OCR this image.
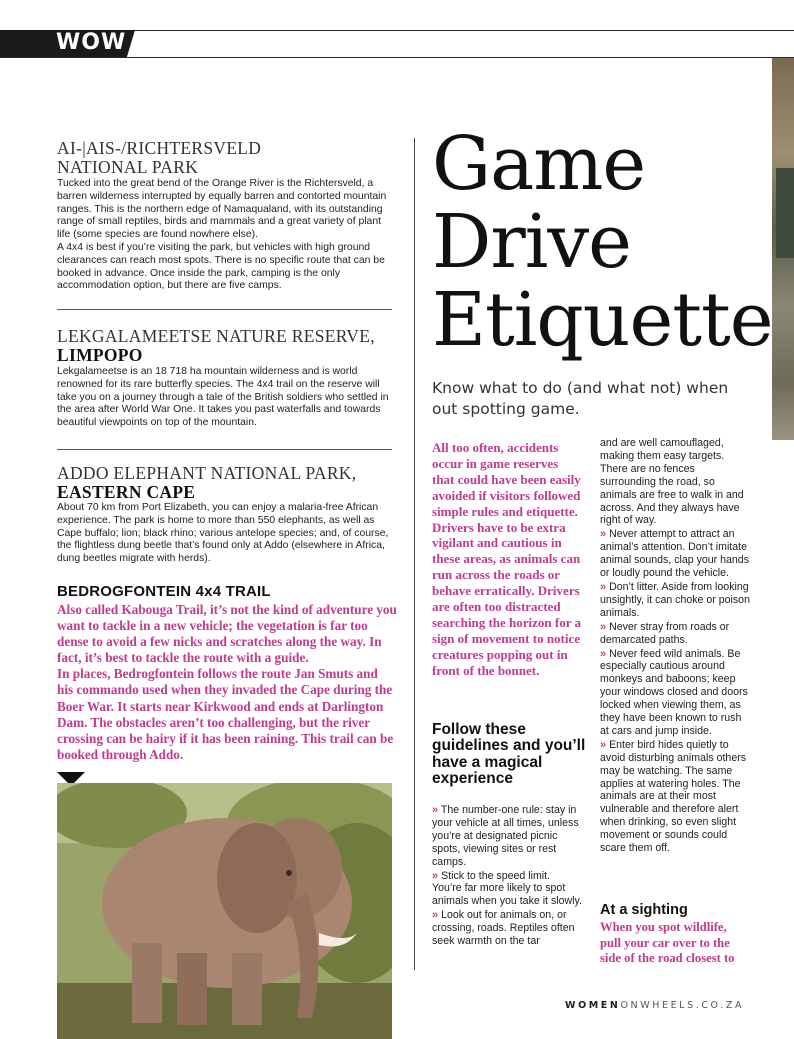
WOW
AI-|AIS-/RICHTERSVELD
NATIONAL PARK

Tucked into the great bend of the Orange River is the Richtersveld, a barren wilderness interrupted by equally barren and contorted mountain ranges. This is the northern edge of Namaqualand, with its outstanding range of small reptiles, birds and mammals and a great variety of plant life (some species are found nowhere else).
A 4x4 is best if you’re visiting the park, but vehicles with high ground clearances can reach most spots. There is no specific route that can be booked in advance. Once inside the park, camping is the only accommodation option, but there are five camps.

LEKGALAMEETSE NATURE RESERVE,
LIMPOPO

Lekgalameetse is an 18 718 ha mountain wilderness and is world renowned for its rare butterfly species. The 4x4 trail on the reserve will take you on a journey through a tale of the British soldiers who settled in the area after World War One. It takes you past waterfalls and towards beautiful viewpoints on top of the mountain.

ADDO ELEPHANT NATIONAL PARK,
EASTERN CAPE

About 70 km from Port Elizabeth, you can enjoy a malaria-free African experience. The park is home to more than 550 elephants, as well as Cape buffalo; lion; black rhino; various antelope species; and, of course, the flightless dung beetle that’s found only at Addo (elsewhere in Africa, dung beetles migrate with herds).

BEDROGFONTEIN 4x4 TRAIL

Also called Kabouga Trail, it’s not the kind of adventure you want to tackle in a new vehicle; the vegetation is far too dense to avoid a few nicks and scratches along the way. In fact, it’s best to tackle the route with a guide.
In places, Bedrogfontein follows the route Jan Smuts and his commando used when they invaded the Cape during the Boer War. It starts near Kirkwood and ends at Darlington Dam. The obstacles aren’t too challenging, but the river crossing can be hairy if it has been raining. This trail can be booked through Addo.

Game
Drive
Etiquette

Know what to do (and what not) when out spotting game.

All too often, accidents occur in game reserves that could have been easily avoided if visitors followed simple rules and etiquette. Drivers have to be extra vigilant and cautious in these areas, as animals can run across the roads or behave erratically. Drivers are often too distracted searching the horizon for a sign of movement to notice creatures popping out in front of the bonnet.

Follow these guidelines and you’ll have a magical experience

» The number-one rule: stay in your vehicle at all times, unless you’re at designated picnic spots, viewing sites or rest camps.

» Stick to the speed limit. You’re far more likely to spot animals when you take it slowly.

» Look out for animals on, or crossing, roads. Reptiles often seek warmth on the tar

and are well camouflaged, making them easy targets. There are no fences surrounding the road, so animals are free to walk in and across. And they always have right of way.

» Never attempt to attract an animal’s attention. Don’t imitate animal sounds, clap your hands or loudly pound the vehicle.

» Don’t litter. Aside from looking unsightly, it can choke or poison animals.

» Never stray from roads or demarcated paths.

» Never feed wild animals. Be especially cautious around monkeys and baboons; keep your windows closed and doors locked when viewing them, as they have been known to rush at cars and jump inside.

» Enter bird hides quietly to avoid disturbing animals others may be watching. The same applies at watering holes. The animals are at their most vulnerable and therefore alert when drinking, so even slight movement or sounds could scare them off.

At a sighting

When you spot wildlife, pull your car over to the side of the road closest to

WOMENONWHEELS.CO.ZA
